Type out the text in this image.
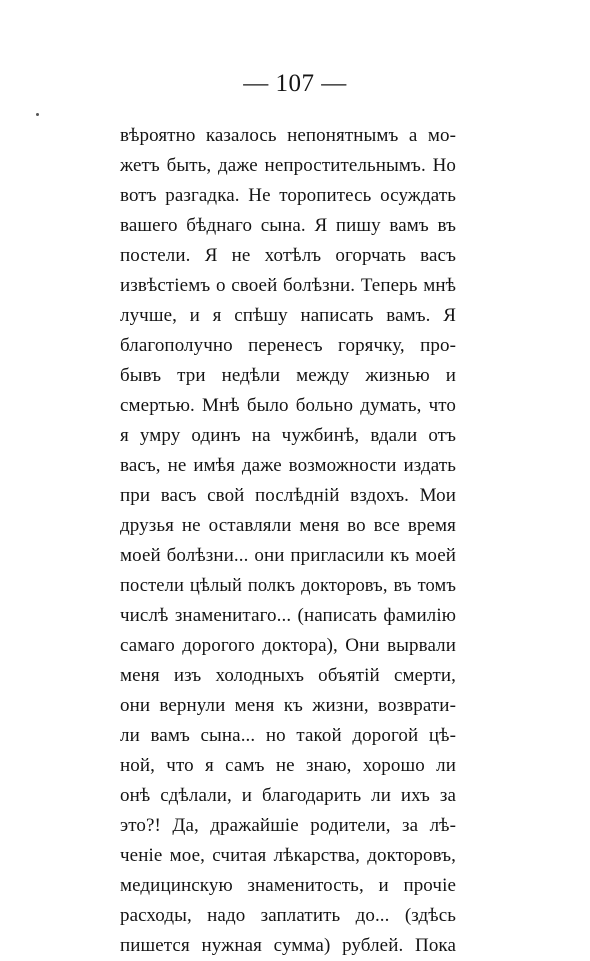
— 107 —
вѣроятно казалось непонятнымъ а мо-
жетъ быть, даже непростительнымъ. Но
вотъ разгадка. Не торопитесь осуждать
вашего бѣднаго сына. Я пишу вамъ въ
постели. Я не хотѣлъ огорчать васъ
извѣстіемъ о своей болѣзни. Теперь мнѣ
лучше, и я спѣшу написать вамъ. Я
благополучно перенесъ горячку, про-
бывъ три недѣли между жизнью и
смертью. Мнѣ было больно думать, что
я умру одинъ на чужбинѣ, вдали отъ
васъ, не имѣя даже возможности издать
при васъ свой послѣдній вздохъ. Мои
друзья не оставляли меня во все время
моей болѣзни... они пригласили къ моей
постели цѣлый полкъ докторовъ, въ томъ
числѣ знаменитаго... (написать фамилію
самаго дорогого доктора), Они вырвали
меня изъ холодныхъ объятій смерти,
они вернули меня къ жизни, возврати-
ли вамъ сына... но такой дорогой цѣ-
ной, что я самъ не знаю, хорошо ли
онѣ сдѣлали, и благодарить ли ихъ за
это?! Да, дражайшіе родители, за лѣ-
ченіе мое, считая лѣкарства, докторовъ,
медицинскую знаменитость, и прочіе
расходы, надо заплатить до... (здѣсь
пишется нужная сумма) рублей. Пока
